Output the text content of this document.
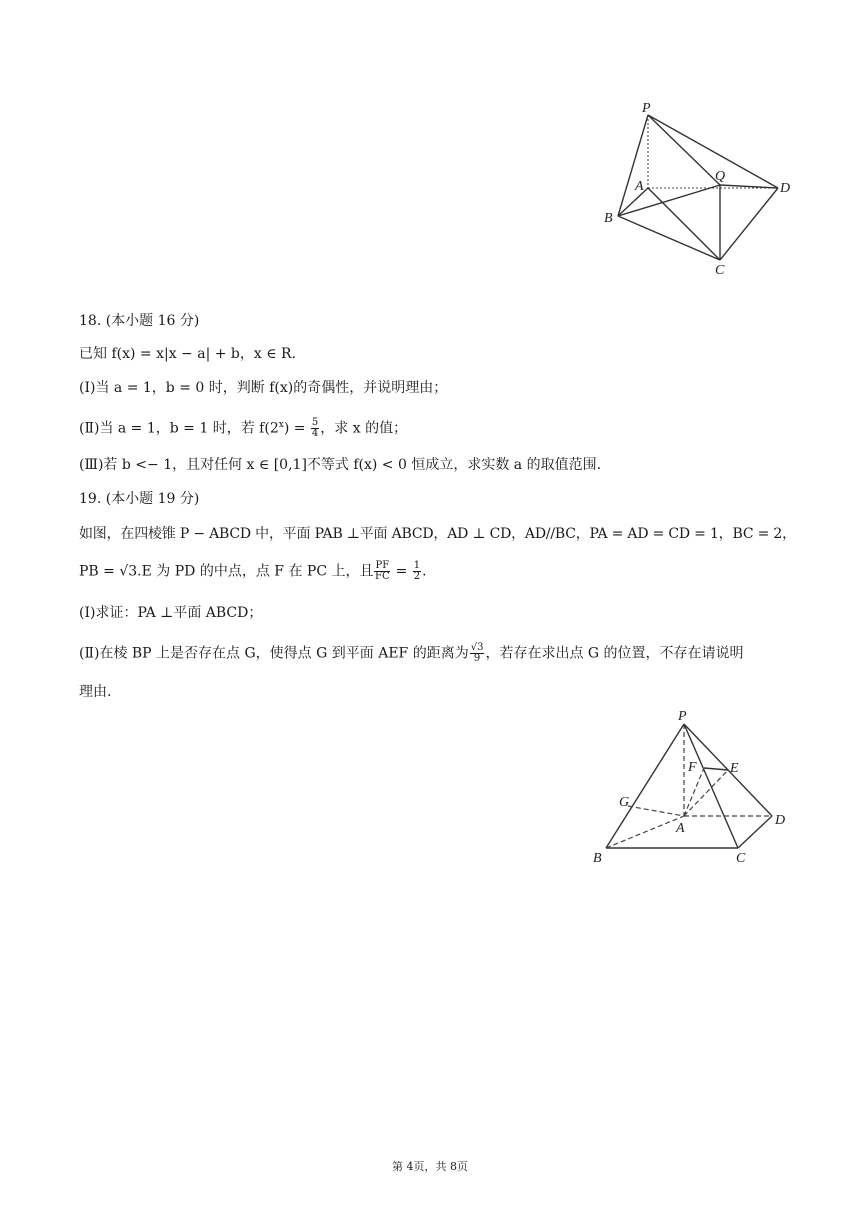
P
A
Q
D
B
C
18. (本小题 16 分)
已知 f(x) = x|x − a| + b，x ∈ R.
(Ⅰ)当 a = 1，b = 0 时，判断 f(x)的奇偶性，并说明理由；
(Ⅱ)当 a = 1，b = 1 时，若 $f(2^x) = \frac{5}{4}$ ，求 x 的值；
(Ⅲ)若 b <− 1，且对任何 x ∈ [0,1]不等式 f(x) < 0 恒成立，求实数 a 的取值范围.
19. (本小题 19 分)
如图，在四棱锥 P − ABCD 中，平面 PAB ⊥平面 ABCD，AD ⊥ CD，AD//BC，PA = AD = CD = 1，BC = 2，
PB = √3.E 为 PD 的中点，点 F 在 PC 上，且 $\frac{PF}{FC} = \frac{1}{2}$ .
(Ⅰ)求证：PA ⊥平面 ABCD；
(Ⅱ)在棱 BP 上是否存在点 G，使得点 G 到平面 AEF 的距离为 $\frac{√3}{9}$ ，若存在求出点 G 的位置，不存在请说明
理由.
P
F E
G
A
D
B	C
第 4页，共 8页
